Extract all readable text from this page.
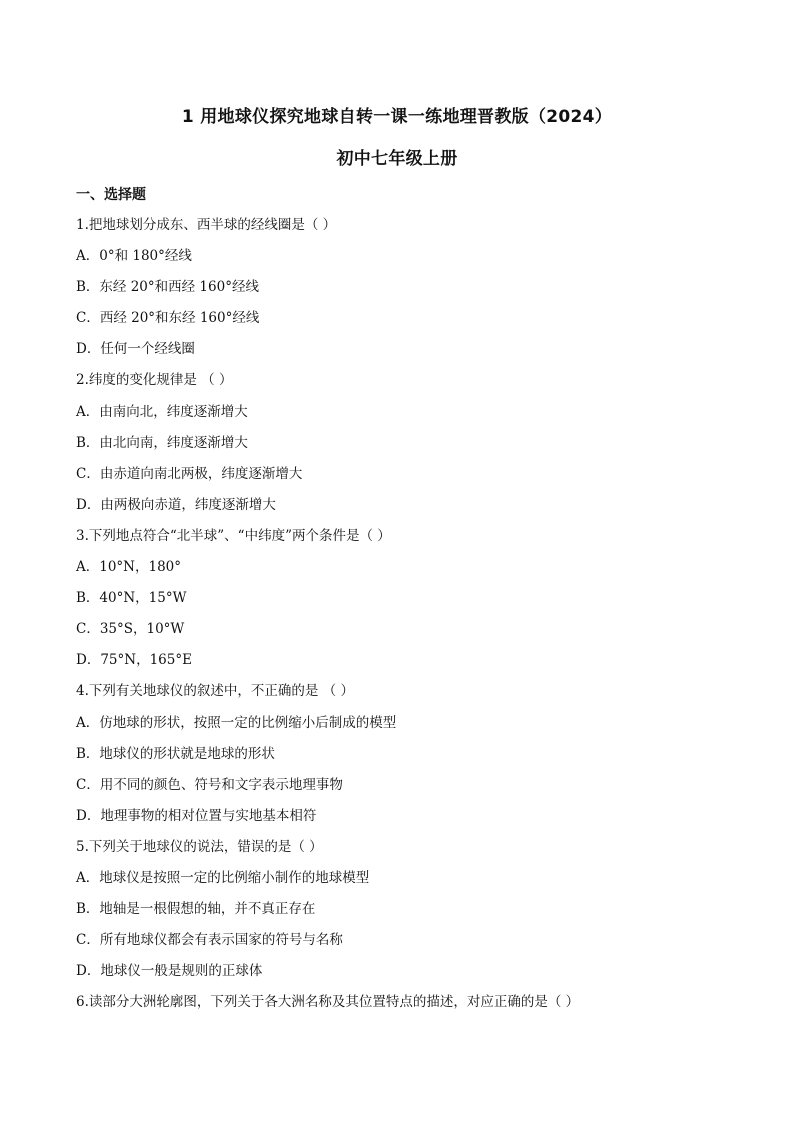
1 用地球仪探究地球自转一课一练地理晋教版（2024）
初中七年级上册
一、选择题
1.把地球划分成东、西半球的经线圈是（ ）
A．0°和 180°经线
B．东经 20°和西经 160°经线
C．西经 20°和东经 160°经线
D．任何一个经线圈
2.纬度的变化规律是 （ ）
A．由南向北，纬度逐渐增大
B．由北向南，纬度逐渐增大
C．由赤道向南北两极，纬度逐渐增大
D．由两极向赤道，纬度逐渐增大
3.下列地点符合“北半球”、“中纬度”两个条件是（ ）
A．10°N，180°
B．40°N，15°W
C．35°S，10°W
D．75°N，165°E
4.下列有关地球仪的叙述中，不正确的是 （ ）
A．仿地球的形状，按照一定的比例缩小后制成的模型
B．地球仪的形状就是地球的形状
C．用不同的颜色、符号和文字表示地理事物
D．地理事物的相对位置与实地基本相符
5.下列关于地球仪的说法，错误的是（ ）
A．地球仪是按照一定的比例缩小制作的地球模型
B．地轴是一根假想的轴，并不真正存在
C．所有地球仪都会有表示国家的符号与名称
D．地球仪一般是规则的正球体
6.读部分大洲轮廓图，下列关于各大洲名称及其位置特点的描述，对应正确的是（ ）
